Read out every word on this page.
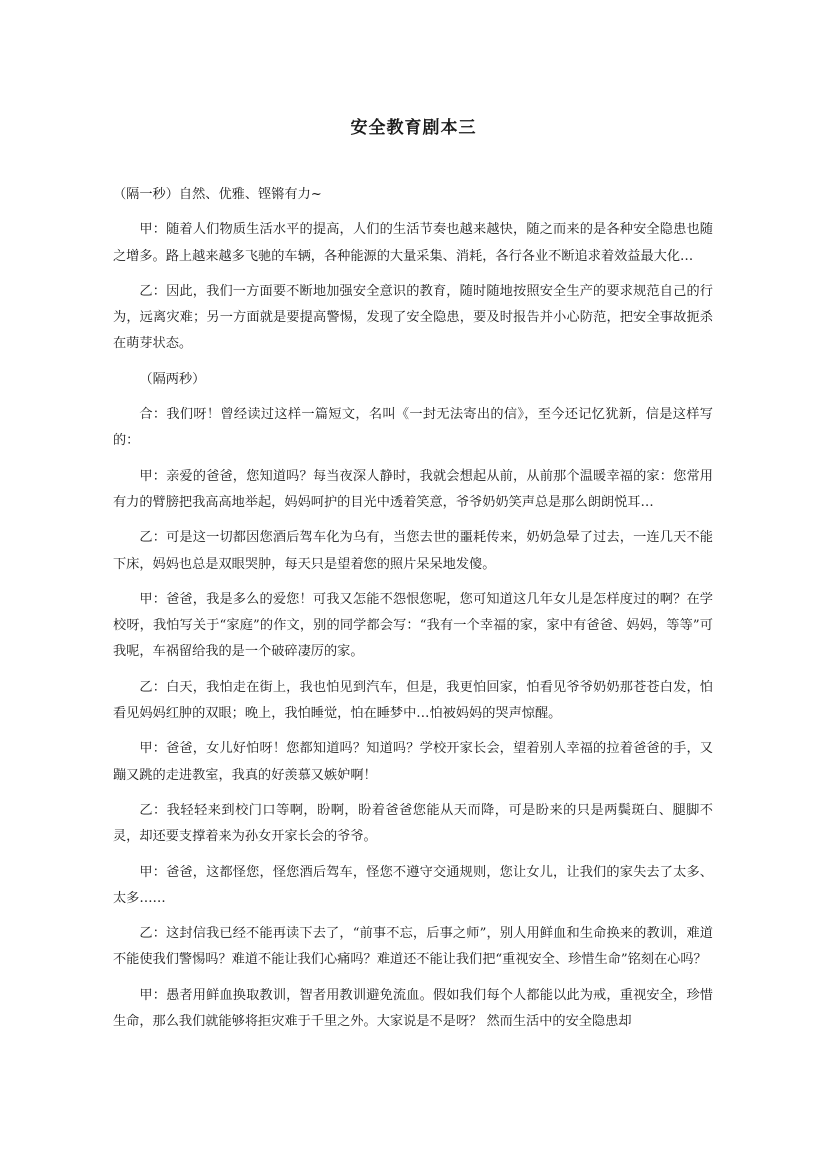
安全教育剧本三

（隔一秒）自然、优雅、铿锵有力~

甲：随着人们物质生活水平的提高，人们的生活节奏也越来越快，随之而来的是各种安全隐患也随之增多。路上越来越多飞驰的车辆，各种能源的大量采集、消耗，各行各业不断追求着效益最大化…

乙：因此，我们一方面要不断地加强安全意识的教育，随时随地按照安全生产的要求规范自己的行为，远离灾难；另一方面就是要提高警惕，发现了安全隐患，要及时报告并小心防范，把安全事故扼杀在萌芽状态。

（隔两秒）

合：我们呀！曾经读过这样一篇短文，名叫《一封无法寄出的信》，至今还记忆犹新，信是这样写的：

甲：亲爱的爸爸，您知道吗？每当夜深人静时，我就会想起从前，从前那个温暖幸福的家：您常用有力的臂膀把我高高地举起，妈妈呵护的目光中透着笑意，爷爷奶奶笑声总是那么朗朗悦耳…

乙：可是这一切都因您酒后驾车化为乌有，当您去世的噩耗传来，奶奶急晕了过去，一连几天不能下床，妈妈也总是双眼哭肿，每天只是望着您的照片呆呆地发傻。

甲：爸爸，我是多么的爱您！可我又怎能不怨恨您呢，您可知道这几年女儿是怎样度过的啊？在学校呀，我怕写关于“家庭”的作文，别的同学都会写：“我有一个幸福的家，家中有爸爸、妈妈，等等”可我呢，车祸留给我的是一个破碎凄厉的家。

乙：白天，我怕走在街上，我也怕见到汽车，但是，我更怕回家，怕看见爷爷奶奶那苍苍白发，怕看见妈妈红肿的双眼；晚上，我怕睡觉，怕在睡梦中…怕被妈妈的哭声惊醒。

甲：爸爸，女儿好怕呀！您都知道吗？知道吗？学校开家长会，望着别人幸福的拉着爸爸的手，又蹦又跳的走进教室，我真的好羡慕又嫉妒啊！

乙：我轻轻来到校门口等啊，盼啊，盼着爸爸您能从天而降，可是盼来的只是两鬓斑白、腿脚不灵，却还要支撑着来为孙女开家长会的爷爷。

甲：爸爸，这都怪您，怪您酒后驾车，怪您不遵守交通规则，您让女儿，让我们的家失去了太多、太多……

乙：这封信我已经不能再读下去了，“前事不忘，后事之师”，别人用鲜血和生命换来的教训，难道不能使我们警惕吗？难道不能让我们心痛吗？难道还不能让我们把“重视安全、珍惜生命”铭刻在心吗？

甲：愚者用鲜血换取教训，智者用教训避免流血。假如我们每个人都能以此为戒，重视安全，珍惜生命，那么我们就能够将拒灾难于千里之外。大家说是不是呀？ 然而生活中的安全隐患却
